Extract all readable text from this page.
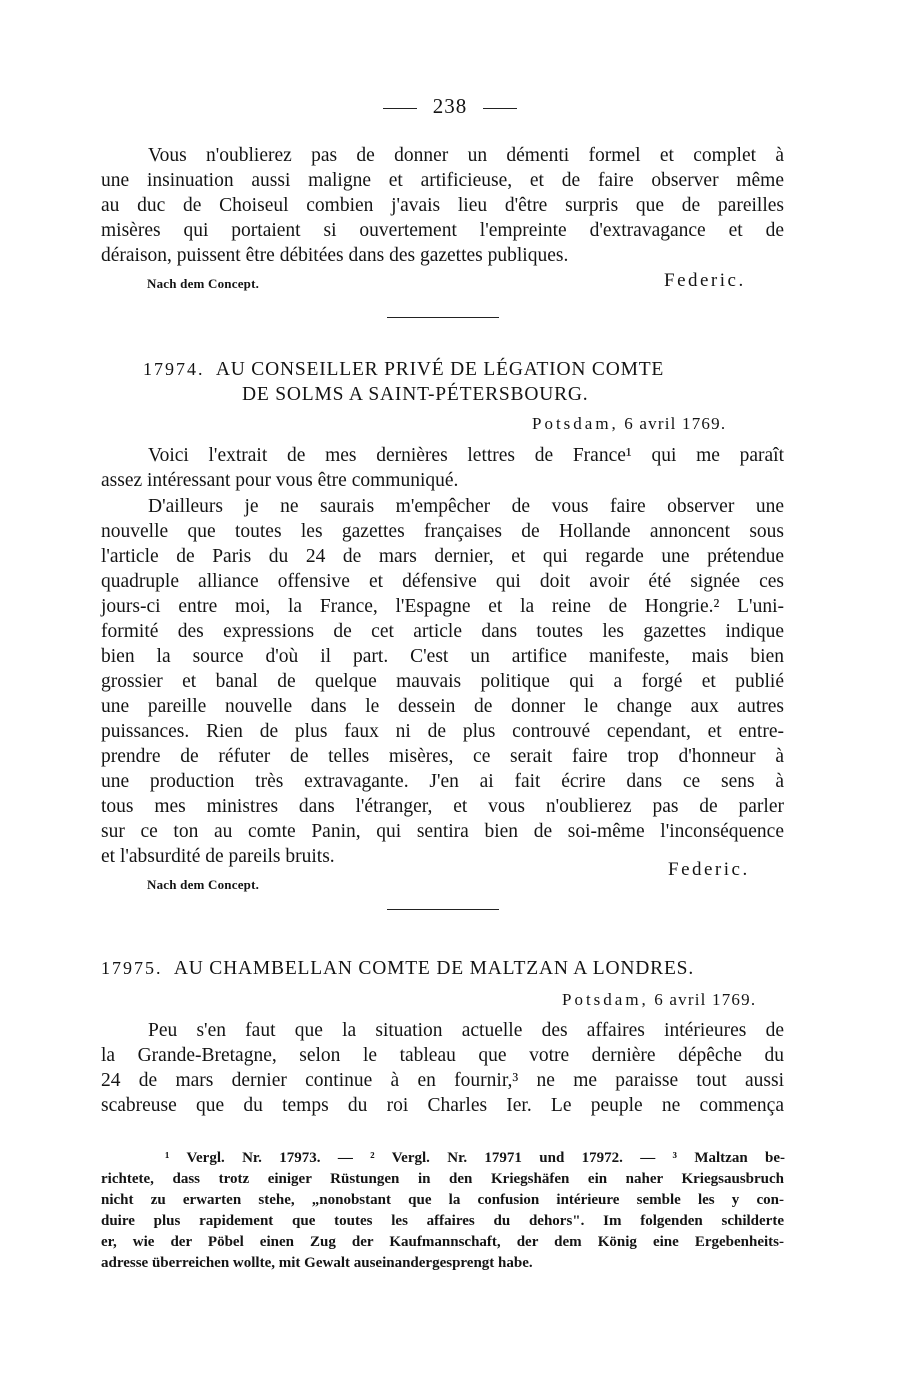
238
Vous n'oublierez pas de donner un démenti formel et complet à
une insinuation aussi maligne et artificieuse, et de faire observer même
au duc de Choiseul combien j'avais lieu d'être surpris que de pareilles
misères qui portaient si ouvertement l'empreinte d'extravagance et de
déraison, puissent être débitées dans des gazettes publiques.
Nach dem Concept.	Federic.
17974. AU CONSEILLER PRIVÉ DE LÉGATION COMTE
DE SOLMS A SAINT-PÉTERSBOURG.
Potsdam, 6 avril 1769.
Voici l'extrait de mes dernières lettres de France¹ qui me paraît
assez intéressant pour vous être communiqué.
D'ailleurs je ne saurais m'empêcher de vous faire observer une
nouvelle que toutes les gazettes françaises de Hollande annoncent sous
l'article de Paris du 24 de mars dernier, et qui regarde une prétendue
quadruple alliance offensive et défensive qui doit avoir été signée ces
jours-ci entre moi, la France, l'Espagne et la reine de Hongrie.² L'uni-
formité des expressions de cet article dans toutes les gazettes indique
bien la source d'où il part. C'est un artifice manifeste, mais bien
grossier et banal de quelque mauvais politique qui a forgé et publié
une pareille nouvelle dans le dessein de donner le change aux autres
puissances. Rien de plus faux ni de plus controuvé cependant, et entre-
prendre de réfuter de telles misères, ce serait faire trop d'honneur à
une production très extravagante. J'en ai fait écrire dans ce sens à
tous mes ministres dans l'étranger, et vous n'oublierez pas de parler
sur ce ton au comte Panin, qui sentira bien de soi-même l'inconséquence
et l'absurdité de pareils bruits.
Federic.
Nach dem Concept.
17975. AU CHAMBELLAN COMTE DE MALTZAN A LONDRES.
Potsdam, 6 avril 1769.
Peu s'en faut que la situation actuelle des affaires intérieures de
la Grande-Bretagne, selon le tableau que votre dernière dépêche du
24 de mars dernier continue à en fournir,³ ne me paraisse tout aussi
scabreuse que du temps du roi Charles Ier. Le peuple ne commença
¹ Vergl. Nr. 17973. — ² Vergl. Nr. 17971 und 17972. — ³ Maltzan be-
richtete, dass trotz einiger Rüstungen in den Kriegshäfen ein naher Kriegsausbruch
nicht zu erwarten stehe, „nonobstant que la confusion intérieure semble les y con-
duire plus rapidement que toutes les affaires du dehors". Im folgenden schilderte
er, wie der Pöbel einen Zug der Kaufmannschaft, der dem König eine Ergebenheits-
adresse überreichen wollte, mit Gewalt auseinandergesprengt habe.
